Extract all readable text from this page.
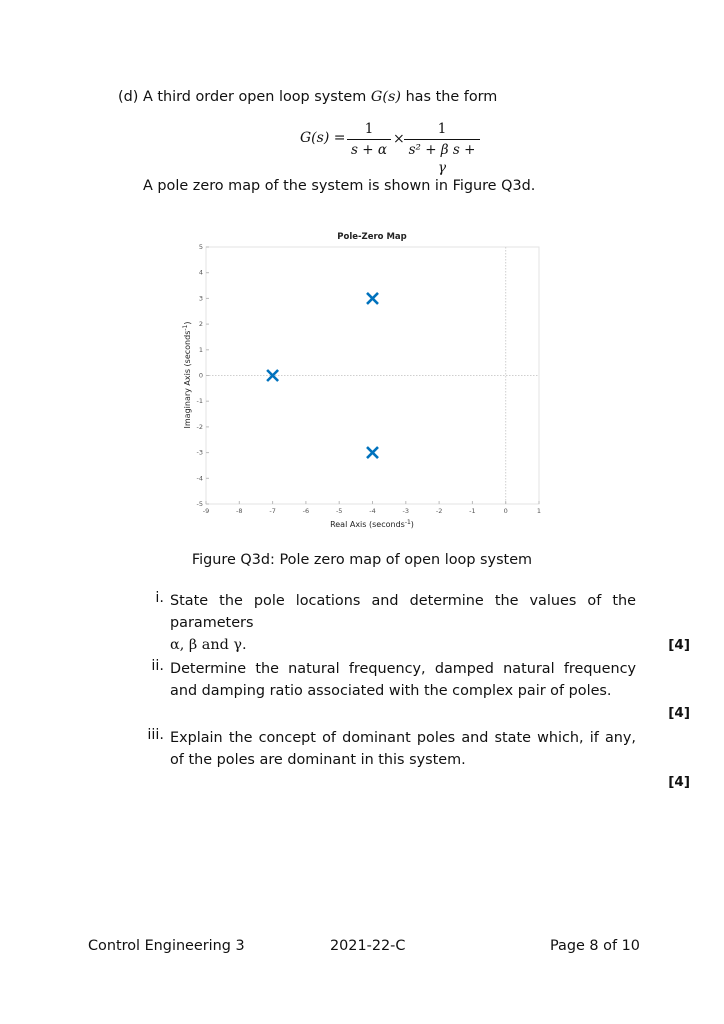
(d) A third order open loop system G(s) has the form
G(s) =
1
s + α
×
1
s² + β s + γ
A pole zero map of the system is shown in Figure Q3d.
Pole-Zero Map
-9	-8	-7	-6	-5	-4	-3	-2	-1	0	1
5
4
3
2
1
0
-1
-2
-3
-4
-5
Real Axis (seconds$^{-1}$)
Imaginary Axis (seconds$^{-1}$)
Figure Q3d: Pole zero map of open loop system
i. State the pole locations and determine the values of the parameters
α, β and γ.	[4]
ii. Determine the natural frequency, damped natural frequency and damping ratio associated with the complex pair of poles.
[4]
iii. Explain the concept of dominant poles and state which, if any, of the poles are dominant in this system.
[4]
Control Engineering 3	2021-22-C	Page 8 of 10
